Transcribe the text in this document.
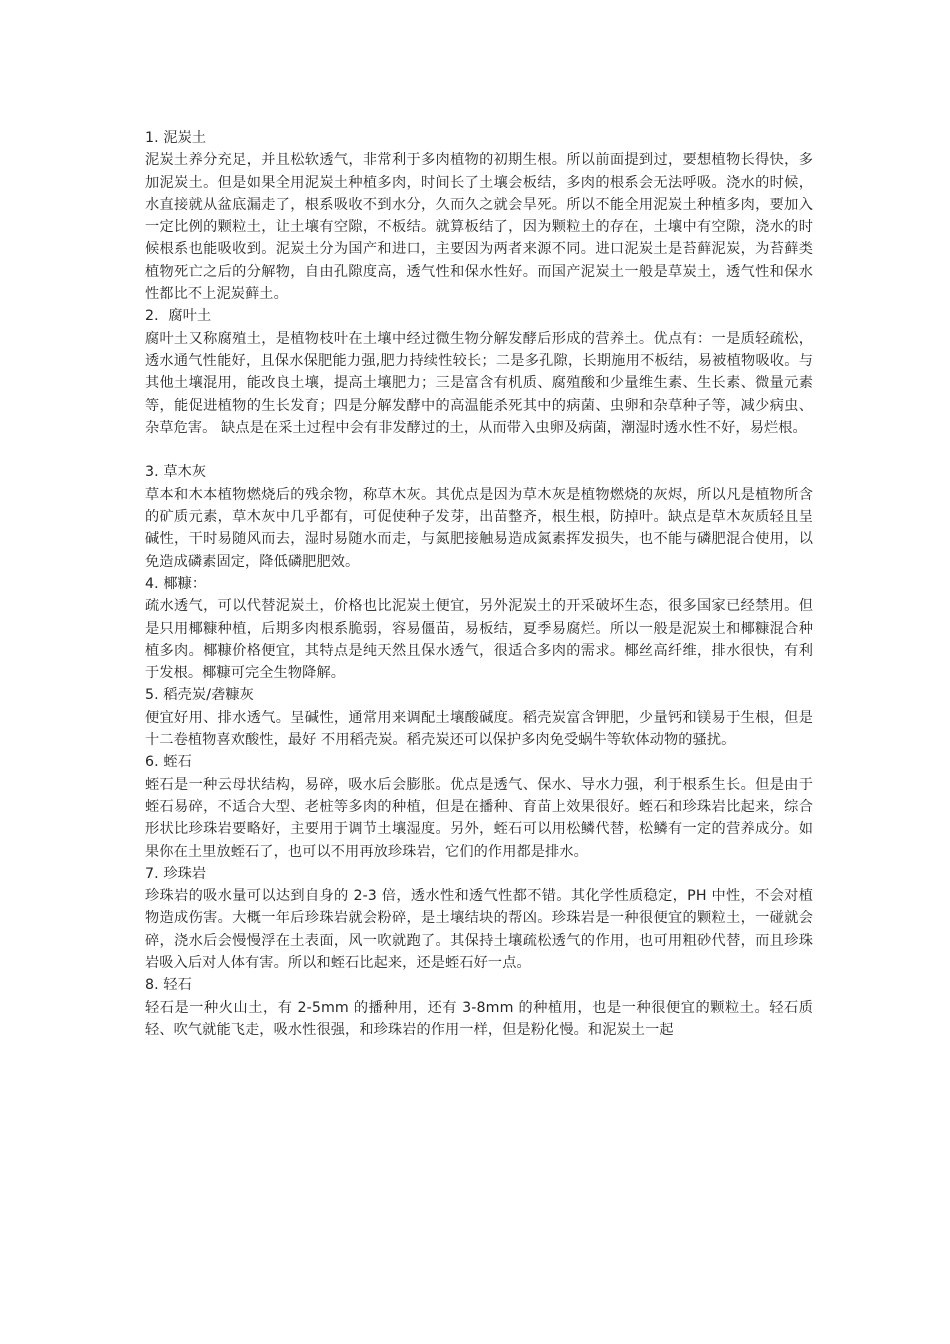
1. 泥炭土

泥炭土养分充足，并且松软透气，非常利于多肉植物的初期生根。所以前面提到过，要想植物长得快，多加泥炭土。但是如果全用泥炭土种植多肉，时间长了土壤会板结，多肉的根系会无法呼吸。浇水的时候，水直接就从盆底漏走了，根系吸收不到水分，久而久之就会旱死。所以不能全用泥炭土种植多肉，要加入一定比例的颗粒土，让土壤有空隙，不板结。就算板结了，因为颗粒土的存在，土壤中有空隙，浇水的时候根系也能吸收到。泥炭土分为国产和进口，主要因为两者来源不同。进口泥炭土是苔藓泥炭，为苔藓类植物死亡之后的分解物，自由孔隙度高，透气性和保水性好。而国产泥炭土一般是草炭土，透气性和保水性都比不上泥炭藓土。

2．腐叶土

腐叶土又称腐殖土，是植物枝叶在土壤中经过微生物分解发酵后形成的营养土。优点有：一是质轻疏松，透水通气性能好，且保水保肥能力强,肥力持续性较长；二是多孔隙，长期施用不板结，易被植物吸收。与其他土壤混用，能改良土壤，提高土壤肥力；三是富含有机质、腐殖酸和少量维生素、生长素、微量元素等，能促进植物的生长发育；四是分解发酵中的高温能杀死其中的病菌、虫卵和杂草种子等，减少病虫、杂草危害。 缺点是在采土过程中会有非发酵过的土，从而带入虫卵及病菌，潮湿时透水性不好，易烂根。

3. 草木灰

草本和木本植物燃烧后的残余物，称草木灰。其优点是因为草木灰是植物燃烧的灰烬，所以凡是植物所含的矿质元素，草木灰中几乎都有，可促使种子发芽，出苗整齐，根生根，防掉叶。缺点是草木灰质轻且呈碱性，干时易随风而去，湿时易随水而走，与氮肥接触易造成氮素挥发损失，也不能与磷肥混合使用，以免造成磷素固定，降低磷肥肥效。

4. 椰糠：

疏水透气，可以代替泥炭土，价格也比泥炭土便宜，另外泥炭土的开采破坏生态，很多国家已经禁用。但是只用椰糠种植，后期多肉根系脆弱，容易僵苗，易板结，夏季易腐烂。所以一般是泥炭土和椰糠混合种植多肉。椰糠价格便宜，其特点是纯天然且保水透气，很适合多肉的需求。椰丝高纤维，排水很快，有利于发根。椰糠可完全生物降解。

5. 稻壳炭/砻糠灰

便宜好用、排水透气。呈碱性，通常用来调配土壤酸碱度。稻壳炭富含钾肥，少量钙和镁易于生根，但是十二卷植物喜欢酸性，最好 不用稻壳炭。稻壳炭还可以保护多肉免受蜗牛等软体动物的骚扰。

6. 蛭石

蛭石是一种云母状结构，易碎，吸水后会膨胀。优点是透气、保水、导水力强，利于根系生长。但是由于蛭石易碎，不适合大型、老桩等多肉的种植，但是在播种、育苗上效果很好。蛭石和珍珠岩比起来，综合形状比珍珠岩要略好，主要用于调节土壤湿度。另外，蛭石可以用松鳞代替，松鳞有一定的营养成分。如果你在土里放蛭石了，也可以不用再放珍珠岩，它们的作用都是排水。

7. 珍珠岩

珍珠岩的吸水量可以达到自身的 2-3 倍，透水性和透气性都不错。其化学性质稳定，PH 中性，不会对植物造成伤害。大概一年后珍珠岩就会粉碎，是土壤结块的帮凶。珍珠岩是一种很便宜的颗粒土，一碰就会碎，浇水后会慢慢浮在土表面，风一吹就跑了。其保持土壤疏松透气的作用，也可用粗砂代替，而且珍珠岩吸入后对人体有害。所以和蛭石比起来，还是蛭石好一点。

8. 轻石

轻石是一种火山土，有 2-5mm 的播种用，还有 3-8mm 的种植用，也是一种很便宜的颗粒土。轻石质轻、吹气就能飞走，吸水性很强，和珍珠岩的作用一样，但是粉化慢。和泥炭土一起
